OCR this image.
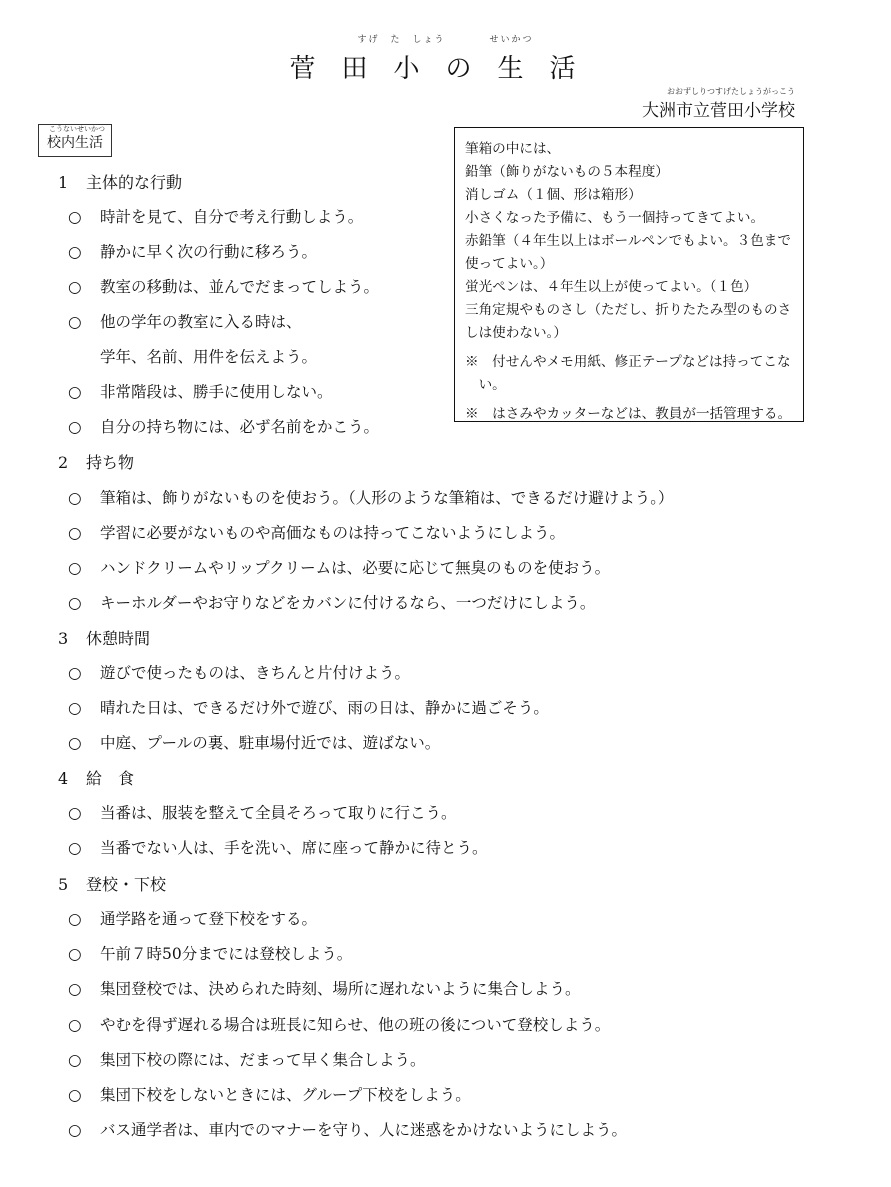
すげ　た　しょう　　　　せいかつ
菅田小の生活
おおずしりつすげたしょうがっこう
大洲市立菅田小学校
こうないせいかつ
校内生活	筆箱の中には、

鉛筆（飾りがないもの５本程度）

消しゴム（１個、形は箱形）

小さくなった予備に、もう一個持ってきてよい。

赤鉛筆（４年生以上はボールペンでもよい。３色まで

使ってよい。）

蛍光ペンは、４年生以上が使ってよい。（１色）

三角定規やものさし（ただし、折りたたみ型のものさ

しは使わない。）

※　付せんやメモ用紙、修正テープなどは持ってこな

　い。

※　はさみやカッターなどは、教員が一括管理する。

1 主体的な行動
○ 時計を見て、自分で考え行動しよう。
○ 静かに早く次の行動に移ろう。
○ 教室の移動は、並んでだまってしよう。
○ 他の学年の教室に入る時は、
学年、名前、用件を伝えよう。
○ 非常階段は、勝手に使用しない。
○ 自分の持ち物には、必ず名前をかこう。
2 持ち物
○ 筆箱は、飾りがないものを使おう。（人形のような筆箱は、できるだけ避けよう。）
○ 学習に必要がないものや高価なものは持ってこないようにしよう。
○ ハンドクリームやリップクリームは、必要に応じて無臭のものを使おう。
○ キーホルダーやお守りなどをカバンに付けるなら、一つだけにしよう。
3 休憩時間
○ 遊びで使ったものは、きちんと片付けよう。
○ 晴れた日は、できるだけ外で遊び、雨の日は、静かに過ごそう。
○ 中庭、プールの裏、駐車場付近では、遊ばない。
4 給　食
○ 当番は、服装を整えて全員そろって取りに行こう。
○ 当番でない人は、手を洗い、席に座って静かに待とう。
5 登校・下校
○ 通学路を通って登下校をする。
○ 午前７時50分までには登校しよう。
○ 集団登校では、決められた時刻、場所に遅れないように集合しよう。
○ やむを得ず遅れる場合は班長に知らせ、他の班の後について登校しよう。
○ 集団下校の際には、だまって早く集合しよう。
○ 集団下校をしないときには、グループ下校をしよう。
○ バス通学者は、車内でのマナーを守り、人に迷惑をかけないようにしよう。
